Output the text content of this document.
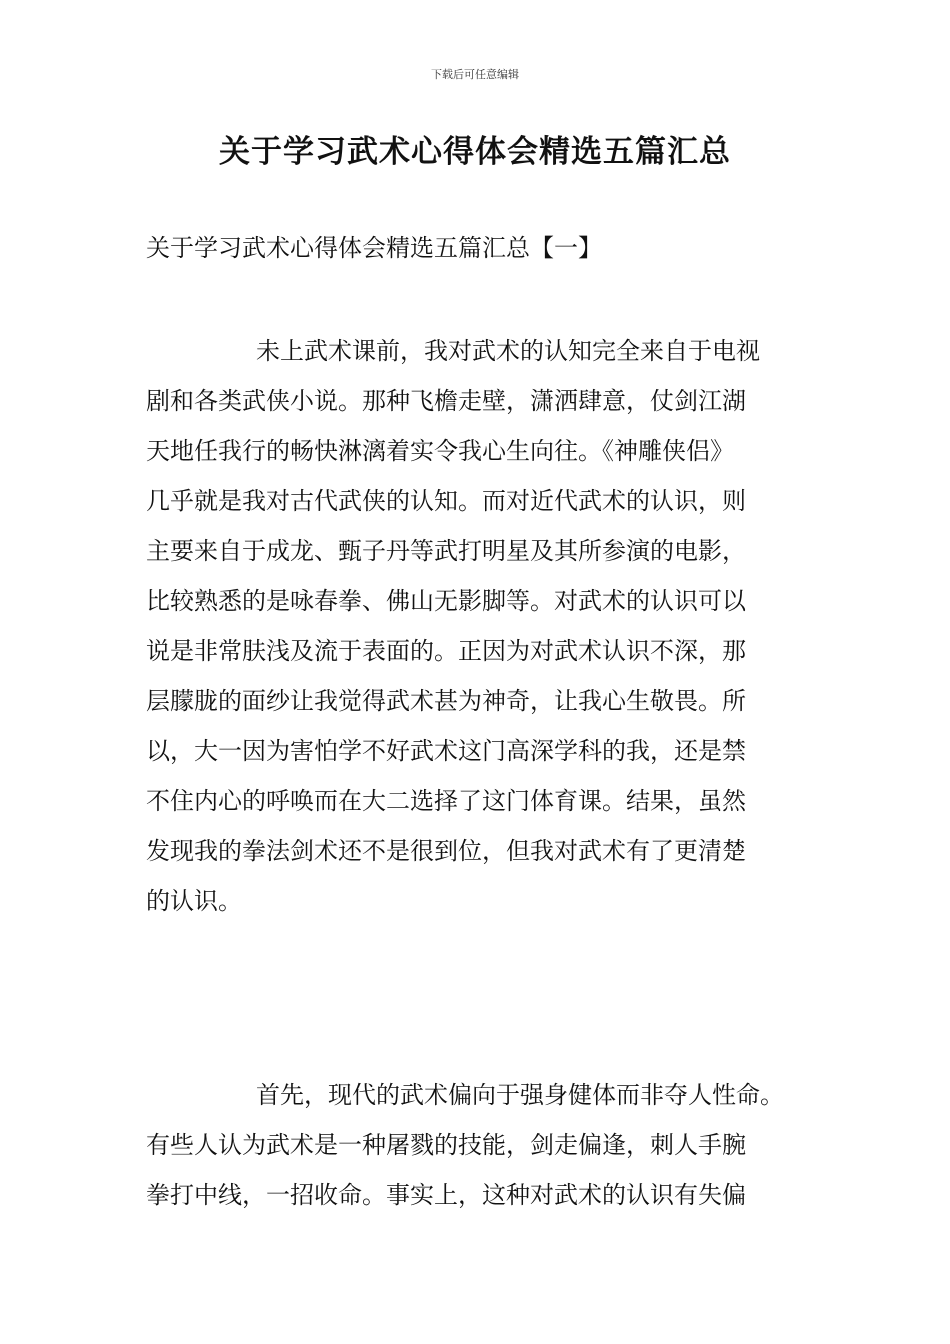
下载后可任意编辑
关于学习武术心得体会精选五篇汇总
关于学习武术心得体会精选五篇汇总【一】
未上武术课前，我对武术的认知完全来自于电视
剧和各类武侠小说。那种飞檐走壁，潇洒肆意，仗剑江湖
天地任我行的畅快淋漓着实令我心生向往。《神雕侠侣》
几乎就是我对古代武侠的认知。而对近代武术的认识，则
主要来自于成龙、甄子丹等武打明星及其所参演的电影，
比较熟悉的是咏春拳、佛山无影脚等。对武术的认识可以
说是非常肤浅及流于表面的。正因为对武术认识不深，那
层朦胧的面纱让我觉得武术甚为神奇，让我心生敬畏。所
以，大一因为害怕学不好武术这门高深学科的我，还是禁
不住内心的呼唤而在大二选择了这门体育课。结果，虽然
发现我的拳法剑术还不是很到位，但我对武术有了更清楚
的认识。
首先，现代的武术偏向于强身健体而非夺人性命。
有些人认为武术是一种屠戮的技能，剑走偏逢，刺人手腕
拳打中线，一招收命。事实上，这种对武术的认识有失偏
